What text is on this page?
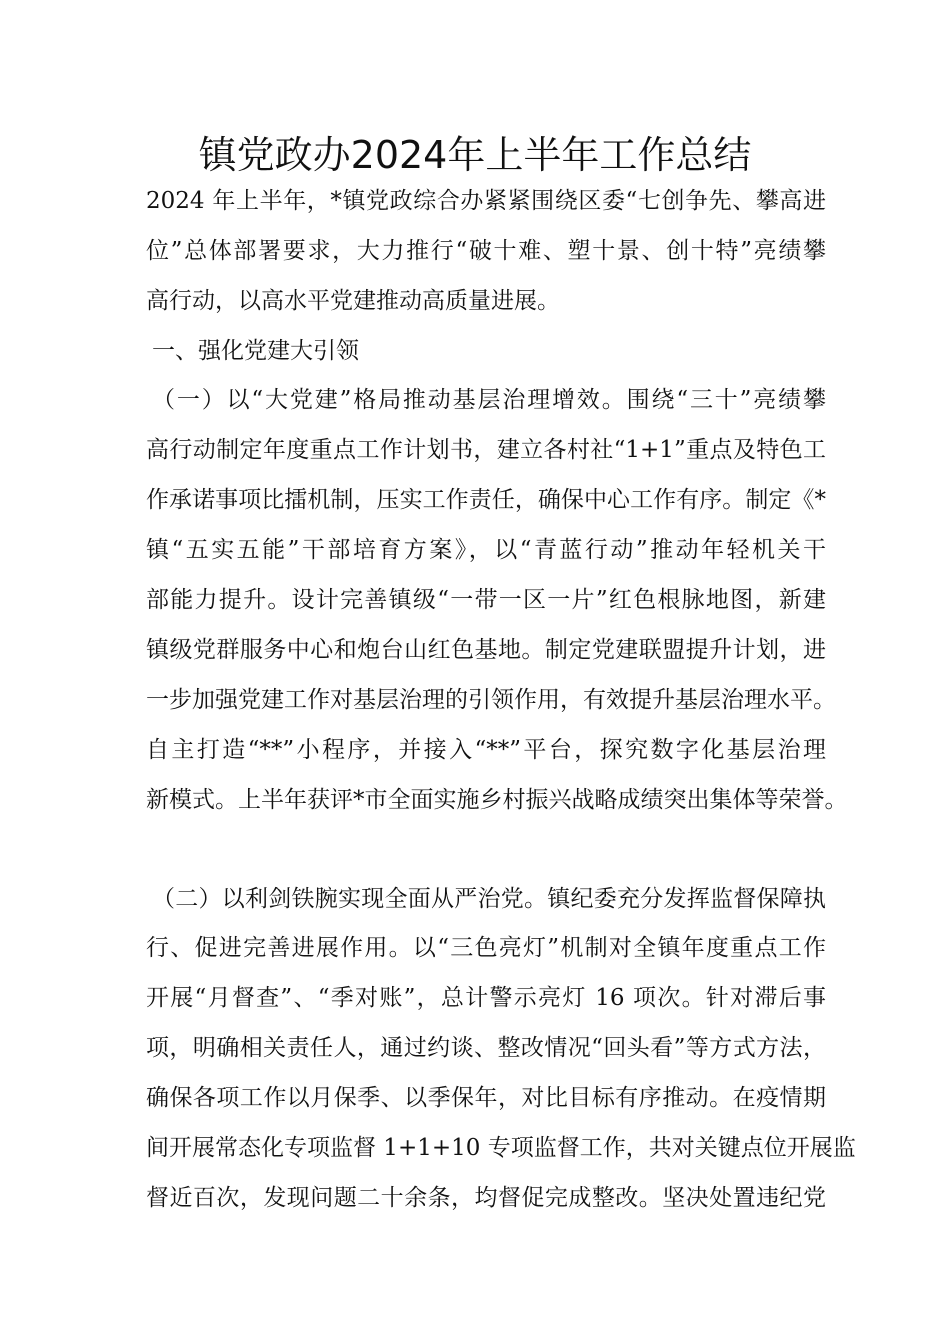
镇党政办2024年上半年工作总结

2024 年上半年，*镇党政综合办紧紧围绕区委“七创争先、攀高进

位”总体部署要求，大力推行“破十难、塑十景、创十特”亮绩攀

高行动，以高水平党建推动高质量进展。

一、强化党建大引领

（一）以“大党建”格局推动基层治理增效。围绕“三十”亮绩攀

高行动制定年度重点工作计划书，建立各村社“1+1”重点及特色工

作承诺事项比擂机制，压实工作责任，确保中心工作有序。制定《*

镇“五实五能”干部培育方案》，以“青蓝行动”推动年轻机关干

部能力提升。设计完善镇级“一带一区一片”红色根脉地图，新建

镇级党群服务中心和炮台山红色基地。制定党建联盟提升计划，进

一步加强党建工作对基层治理的引领作用，有效提升基层治理水平。

自主打造“**”小程序，并接入“**”平台，探究数字化基层治理

新模式。上半年获评*市全面实施乡村振兴战略成绩突出集体等荣誉。

（二）以利剑铁腕实现全面从严治党。镇纪委充分发挥监督保障执

行、促进完善进展作用。以“三色亮灯”机制对全镇年度重点工作

开展“月督查”、“季对账”，总计警示亮灯 16 项次。针对滞后事

项，明确相关责任人，通过约谈、整改情况“回头看”等方式方法，

确保各项工作以月保季、以季保年，对比目标有序推动。在疫情期

间开展常态化专项监督 1+1+10 专项监督工作，共对关键点位开展监

督近百次，发现问题二十余条，均督促完成整改。坚决处置违纪党
